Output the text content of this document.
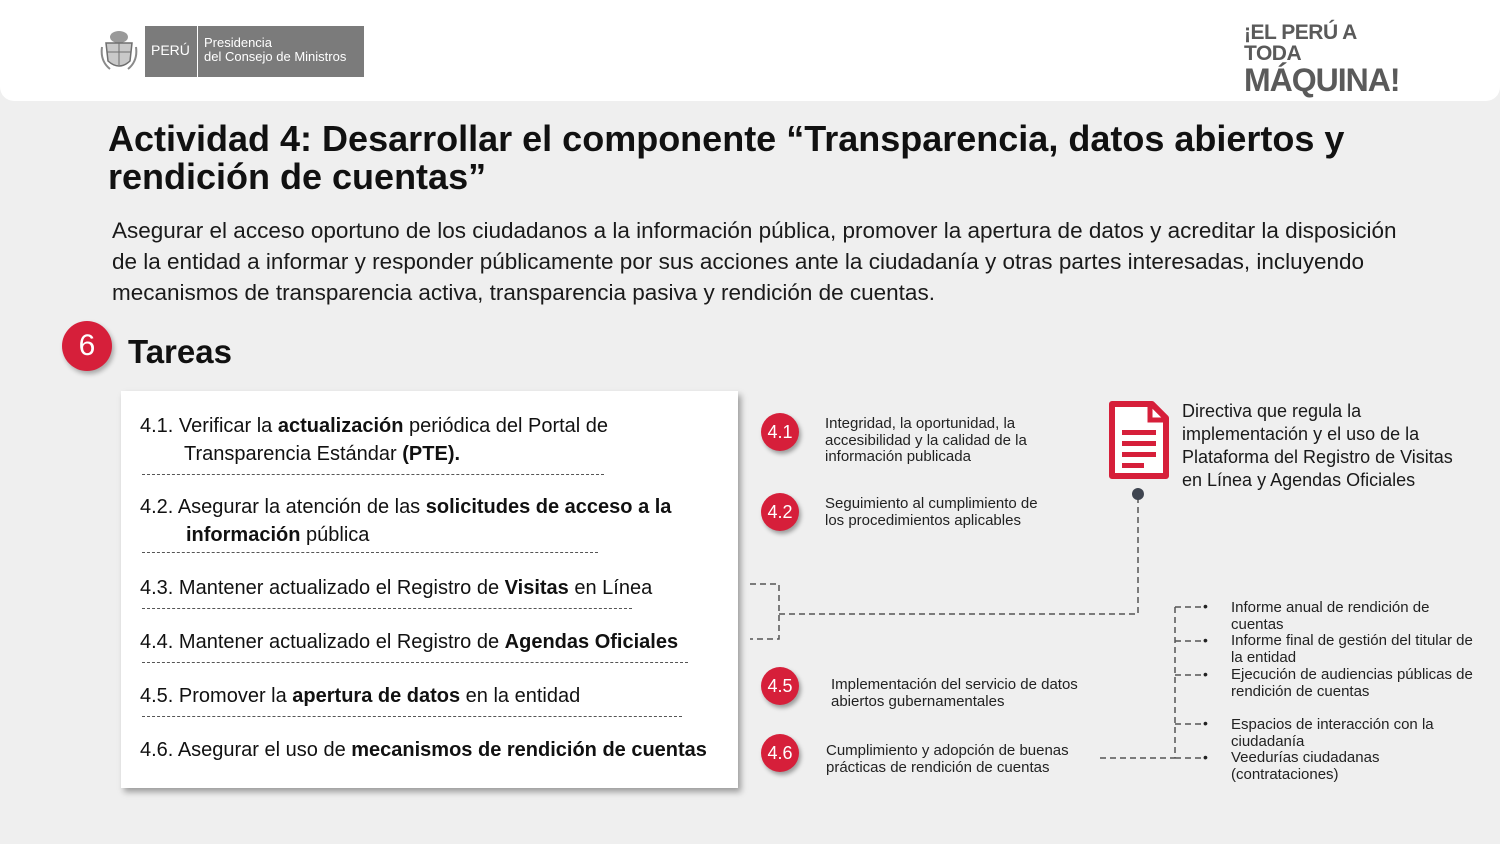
PERÚ	Presidencia
del Consejo de Ministros
¡EL PERÚ A TODA
MÁQUINA!
Actividad 4: Desarrollar el componente “Transparencia, datos abiertos y rendición de cuentas”
Asegurar el acceso oportuno de los ciudadanos a la información pública, promover la apertura de datos y acreditar la disposición de la entidad a informar y responder públicamente por sus acciones ante la ciudadanía y otras partes interesadas, incluyendo mecanismos de transparencia activa, transparencia pasiva y rendición de cuentas.
6 Tareas
4.1. Verificar la actualización periódica del Portal de
Transparencia Estándar (PTE).
4.2. Asegurar la atención de las solicitudes de acceso a la
información pública
4.3. Mantener actualizado el Registro de Visitas en Línea
4.4. Mantener actualizado el Registro de Agendas Oficiales
4.5. Promover la apertura de datos en la entidad
4.6. Asegurar el uso de mecanismos de rendición de cuentas
4.1	Integridad, la oportunidad, la accesibilidad y la calidad de la información publicada
4.2	Seguimiento al cumplimiento de los procedimientos aplicables
4.5	Implementación del servicio de datos abiertos gubernamentales
4.6	Cumplimiento y adopción de buenas prácticas de rendición de cuentas
Directiva que regula la implementación y el uso de la Plataforma del Registro de Visitas en Línea y Agendas Oficiales
• Informe anual de rendición de cuentas
• Informe final de gestión del titular de la entidad
• Ejecución de audiencias públicas de rendición de cuentas
• Espacios de interacción con la ciudadanía
• Veedurías ciudadanas (contrataciones)
